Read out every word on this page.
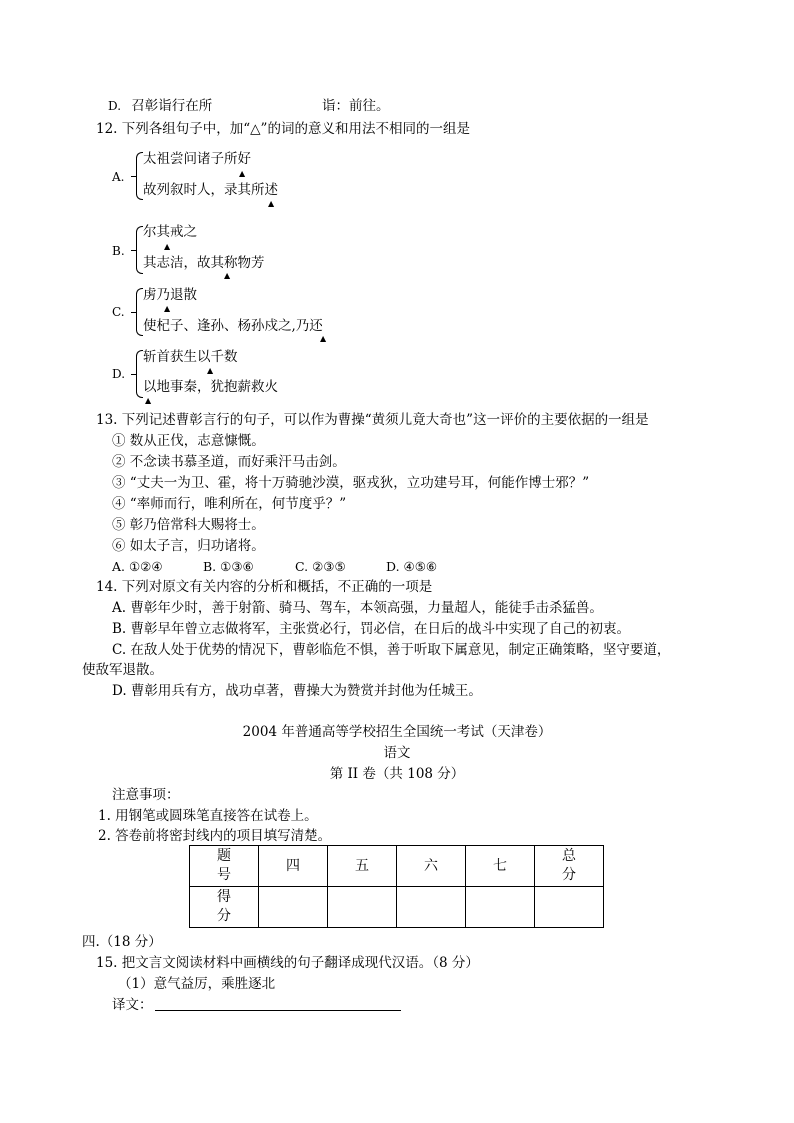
D. 召彰诣行在所	诣：前往。
12. 下列各组句子中，加“△”的词的意义和用法不相同的一组是
A.
太祖尝问诸子所好
故列叙时人，录其所述
▲
▲
B.
尔其戒之
其志洁，故其称物芳
▲
▲
C.
虏乃退散
使杞子、逢孙、杨孙戍之,乃还
▲
▲
D.
斩首获生以千数
以地事秦，犹抱薪救火
▲
▲
13. 下列记述曹彰言行的句子，可以作为曹操“黄须儿竟大奇也”这一评价的主要依据的一组是
① 数从正伐，志意慷慨。
② 不念读书慕圣道，而好乘汗马击剑。
③ “丈夫一为卫、霍，将十万骑驰沙漠，驱戎狄，立功建号耳，何能作博士邪？”
④ “率师而行，唯利所在，何节度乎？”
⑤ 彰乃倍常科大赐将士。
⑥ 如太子言，归功诸将。
A. ①②④	B. ①③⑥	C. ②③⑤	D. ④⑤⑥
14. 下列对原文有关内容的分析和概括，不正确的一项是
A. 曹彰年少时，善于射箭、骑马、驾车，本领高强，力量超人，能徒手击杀猛兽。
B. 曹彰早年曾立志做将军，主张赏必行，罚必信，在日后的战斗中实现了自己的初衷。
C. 在敌人处于优势的情况下，曹彰临危不惧，善于听取下属意见，制定正确策略，坚守要道，
使敌军退散。
D. 曹彰用兵有方，战功卓著，曹操大为赞赏并封他为任城王。
2004 年普通高等学校招生全国统一考试（天津卷）
语文
第 II 卷（共 108 分）
注意事项：
1. 用钢笔或圆珠笔直接答在试卷上。
2. 答卷前将密封线内的项目填写清楚。
题号	四	五	六	七	总分
得分					
四.（18 分）
15. 把文言文阅读材料中画横线的句子翻译成现代汉语。（8 分）
（1）意气益厉，乘胜逐北
译文：
